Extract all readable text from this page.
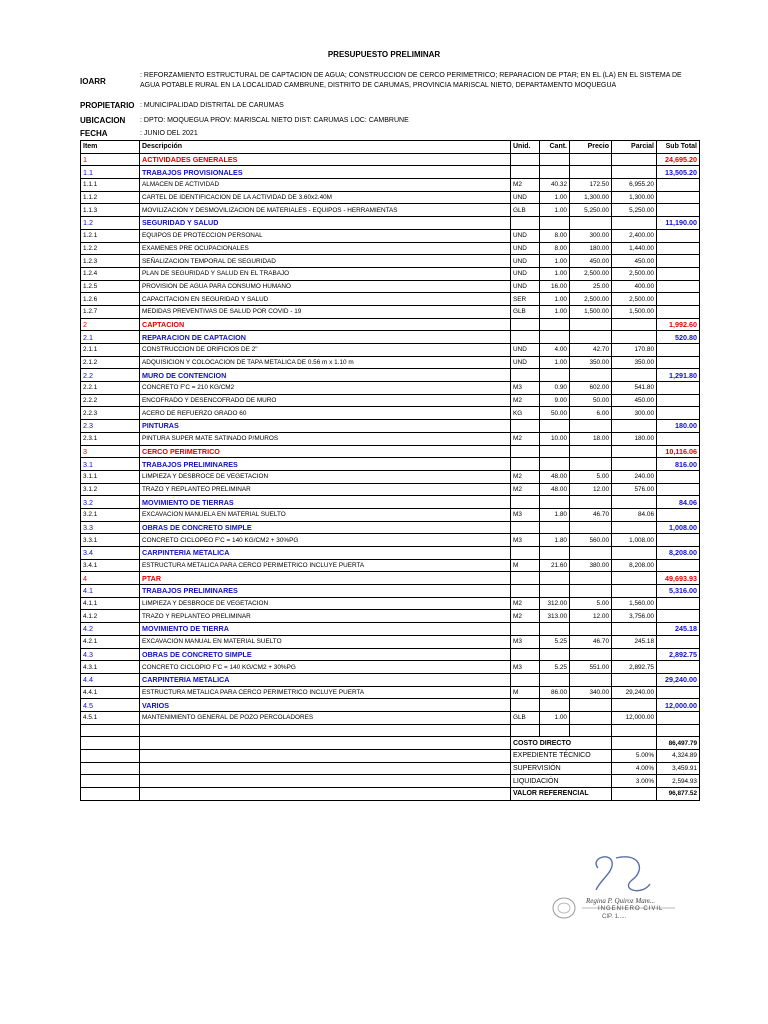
PRESUPUESTO PRELIMINAR
IOARR
: REFORZAMIENTO ESTRUCTURAL DE CAPTACION DE AGUA; CONSTRUCCION DE CERCO PERIMETRICO; REPARACION DE PTAR; EN EL (LA) EN EL SISTEMA DE AGUA POTABLE RURAL EN LA LOCALIDAD CAMBRUNE, DISTRITO DE CARUMAS, PROVINCIA MARISCAL NIETO, DEPARTAMENTO MOQUEGUA
PROPIETARIO : MUNICIPALIDAD DISTRITAL DE CARUMAS
UBICACION : DPTO: MOQUEGUA PROV: MARISCAL NIETO DIST: CARUMAS LOC: CAMBRUNE
FECHA	: JUNIO DEL 2021
Item	Descripción	Unid.	Cant.	Precio	Parcial	Sub Total
1	ACTIVIDADES GENERALES					24,695.20
1.1	TRABAJOS PROVISIONALES					13,505.20
1.1.1	ALMACEN DE ACTIVIDAD	M2	40.32	172.50	6,955.20	
1.1.2	CARTEL DE IDENTIFICACION DE LA ACTIVIDAD DE 3.60x2.40M	UND	1.00	1,300.00	1,300.00	
1.1.3	MOVILIZACION Y DESMOVILIZACION DE MATERIALES - EQUIPOS - HERRAMIENTAS	GLB	1.00	5,250.00	5,250.00	
1.2	SEGURIDAD Y SALUD					11,190.00
1.2.1	EQUIPOS DE PROTECCION PERSONAL	UND	8.00	300.00	2,400.00	
1.2.2	EXAMENES PRE OCUPACIONALES	UND	8.00	180.00	1,440.00	
1.2.3	SEÑALIZACION TEMPORAL DE SEGURIDAD	UND	1.00	450.00	450.00	
1.2.4	PLAN DE SEGURIDAD Y SALUD EN EL TRABAJO	UND	1.00	2,500.00	2,500.00	
1.2.5	PROVISION DE AGUA PARA CONSUMO HUMANO	UND	16.00	25.00	400.00	
1.2.6	CAPACITACION EN SEGURIDAD Y SALUD	SER	1.00	2,500.00	2,500.00	
1.2.7	MEDIDAS PREVENTIVAS DE SALUD POR COVID - 19	GLB	1.00	1,500.00	1,500.00	
2	CAPTACION					1,992.60
2.1	REPARACION DE CAPTACION					520.80
2.1.1	CONSTRUCCION DE ORIFICIOS DE 2"	UND	4.00	42.70	170.80	
2.1.2	ADQUISICION Y COLOCACION DE TAPA METALICA DE 0.56 m x 1.10 m	UND	1.00	350.00	350.00	
2.2	MURO DE CONTENCION					1,291.80
2.2.1	CONCRETO F'C = 210 KG/CM2	M3	0.90	602.00	541.80	
2.2.2	ENCOFRADO Y DESENCOFRADO DE MURO	M2	9.00	50.00	450.00	
2.2.3	ACERO DE REFUERZO GRADO 60	KG	50.00	6.00	300.00	
2.3	PINTURAS					180.00
2.3.1	PINTURA SUPER MATE SATINADO P/MUROS	M2	10.00	18.00	180.00	
3	CERCO PERIMETRICO					10,116.06
3.1	TRABAJOS PRELIMINARES					816.00
3.1.1	LIMPIEZA Y DESBROCE DE VEGETACION	M2	48.00	5.00	240.00	
3.1.2	TRAZO Y REPLANTEO PRELIMINAR	M2	48.00	12.00	576.00	
3.2	MOVIMIENTO DE TIERRAS					84.06
3.2.1	EXCAVACION MANUELA EN MATERIAL SUELTO	M3	1.80	46.70	84.06	
3.3	OBRAS DE CONCRETO SIMPLE					1,008.00
3.3.1	CONCRETO CICLOPEO F'C = 140 KG/CM2 + 30%PG	M3	1.80	560.00	1,008.00	
3.4	CARPINTERIA METALICA					8,208.00
3.4.1	ESTRUCTURA METALICA PARA CERCO PERIMETRICO INCLUYE PUERTA	M	21.60	380.00	8,208.00	
4	PTAR					49,693.93
4.1	TRABAJOS PRELIMINARES					5,316.00
4.1.1	LIMPIEZA Y DESBROCE DE VEGETACION	M2	312.00	5.00	1,560.00	
4.1.2	TRAZO Y REPLANTEO PRELIMINAR	M2	313.00	12.00	3,756.00	
4.2	MOVIMIENTO DE TIERRA					245.18
4.2.1	EXCAVACION MANUAL EN MATERIAL SUELTO	M3	5.25	46.70	245.18	
4.3	OBRAS DE CONCRETO SIMPLE					2,892.75
4.3.1	CONCRETO CICLOPIO F'C = 140 KG/CM2 + 30%PG	M3	5.25	551.00	2,892.75	
4.4	CARPINTERIA METALICA					29,240.00
4.4.1	ESTRUCTURA METALICA PARA CERCO PERIMETRICO INCLUYE PUERTA	M	86.00	340.00	29,240.00	
4.5	VARIOS					12,000.00
4.5.1	MANTENIMIENTO GENERAL DE POZO PERCOLADORES	GLB	1.00		12,000.00	

		COSTO DIRECTO				86,497.79
		EXPEDIENTE TÉCNICO			5.00%	4,324.89
		SUPERVISIÓN			4.00%	3,459.91
		LIQUIDACIÓN			3.00%	2,594.93
		VALOR REFERENCIAL				96,877.52
Regina P. Quiroz Mam...
INGENIERO CIVIL
CIP. 1.....
